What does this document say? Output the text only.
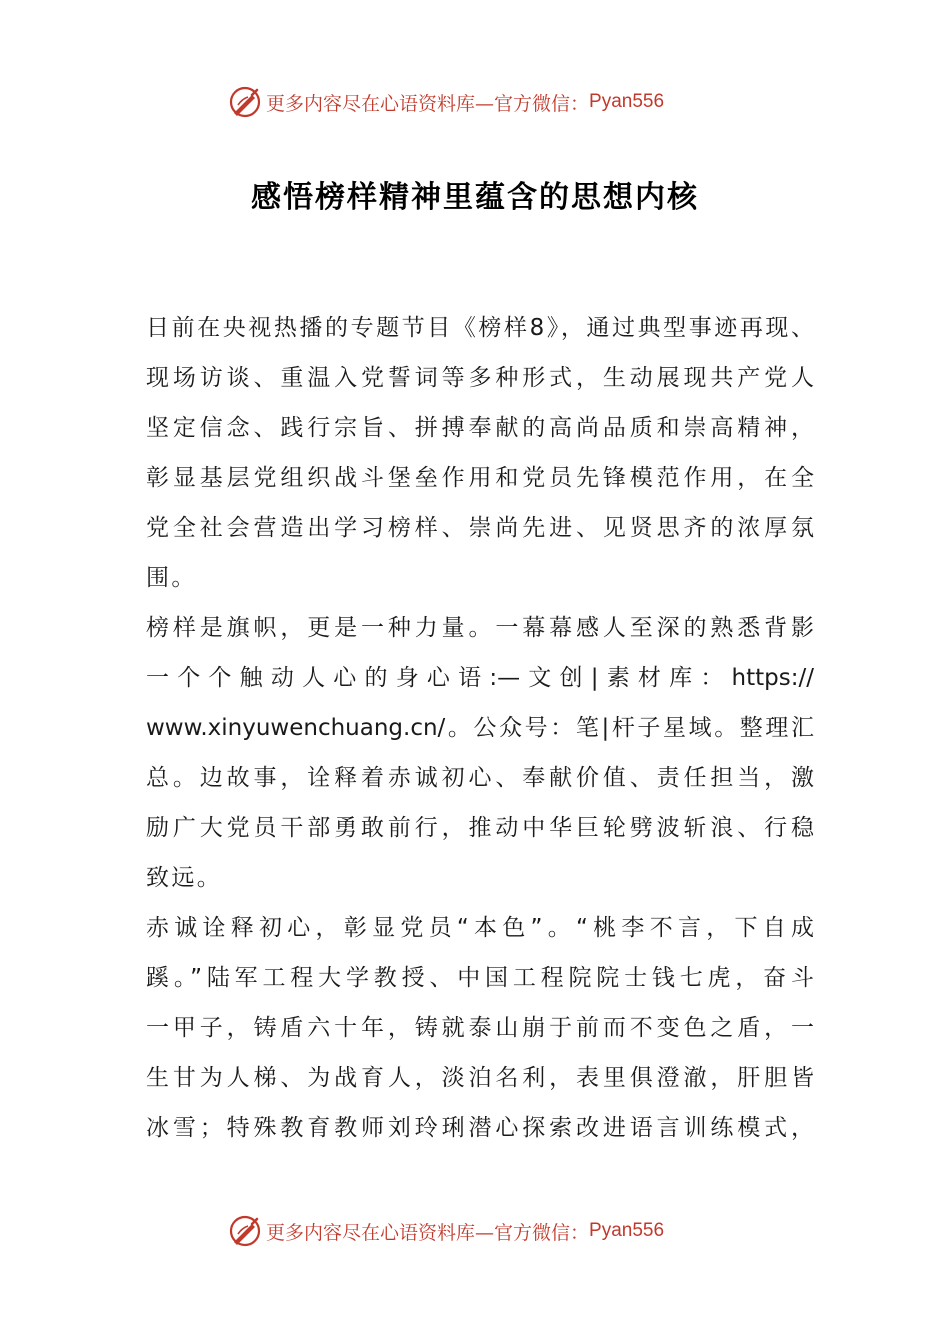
更多内容尽在心语资料库—官方微信： Pyan556
感悟榜样精神里蕴含的思想内核
日前在央视热播的专题节目《榜样8》，通过典型事迹再现、
现场访谈、重温入党誓词等多种形式，生动展现共产党人
坚定信念、践行宗旨、拼搏奉献的高尚品质和崇高精神，
彰显基层党组织战斗堡垒作用和党员先锋模范作用，在全
党全社会营造出学习榜样、崇尚先进、见贤思齐的浓厚氛
围。
榜样是旗帜，更是一种力量。一幕幕感人至深的熟悉背影
一个个触动人心的身心语:—文创|素材库：https://
www.xinyuwenchuang.cn/。公众号：笔|杆子星域。整理汇
总。边故事，诠释着赤诚初心、奉献价值、责任担当，激
励广大党员干部勇敢前行，推动中华巨轮劈波斩浪、行稳
致远。
赤诚诠释初心，彰显党员“本色”。“桃李不言，下自成
蹊。”陆军工程大学教授、中国工程院院士钱七虎，奋斗
一甲子，铸盾六十年，铸就泰山崩于前而不变色之盾，一
生甘为人梯、为战育人，淡泊名利，表里俱澄澈，肝胆皆
冰雪；特殊教育教师刘玲琍潜心探索改进语言训练模式，
更多内容尽在心语资料库—官方微信： Pyan556
